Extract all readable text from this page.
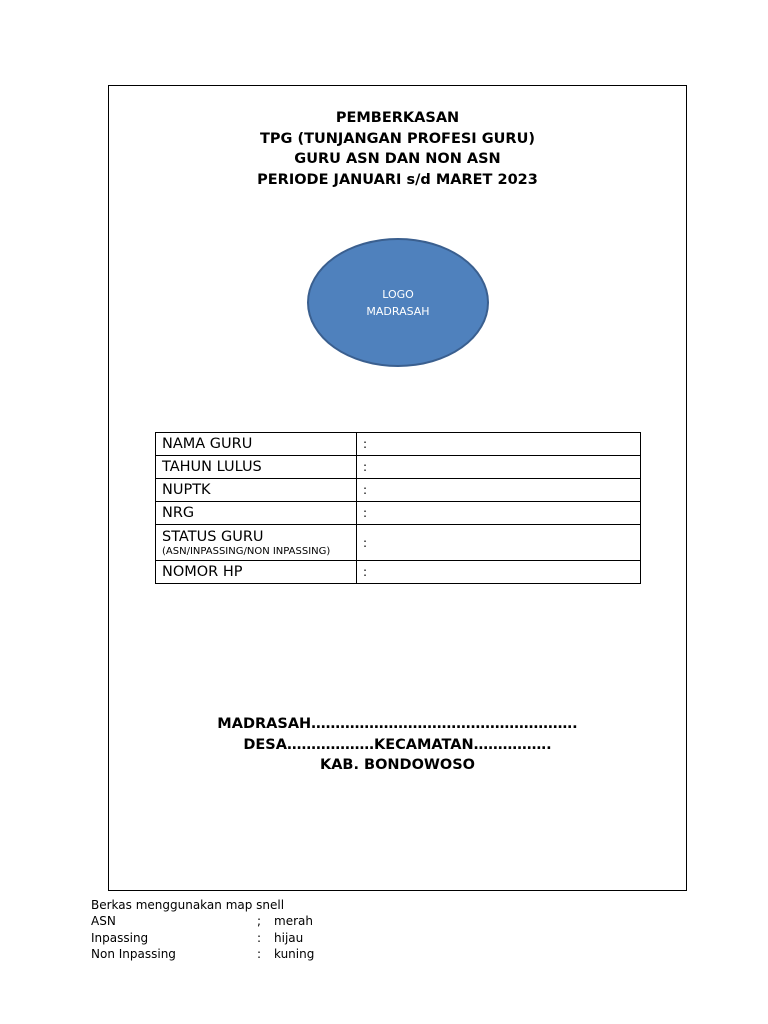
PEMBERKASAN
TPG (TUNJANGAN PROFESI GURU)
GURU ASN DAN NON ASN
PERIODE JANUARI s/d MARET 2023
LOGO
MADRASAH
NAMA GURU	:
TAHUN LULUS	:
NUPTK	:
NRG	:

STATUS GURU
(ASN/INPASSING/NON INPASSING)	:
NOMOR HP	:
MADRASAH……………………………………………….
DESA………………KECAMATAN…………….
KAB. BONDOWOSO
Berkas menggunakan map snell
ASN	;	merah
Inpassing	:	hijau
Non Inpassing	:	kuning
